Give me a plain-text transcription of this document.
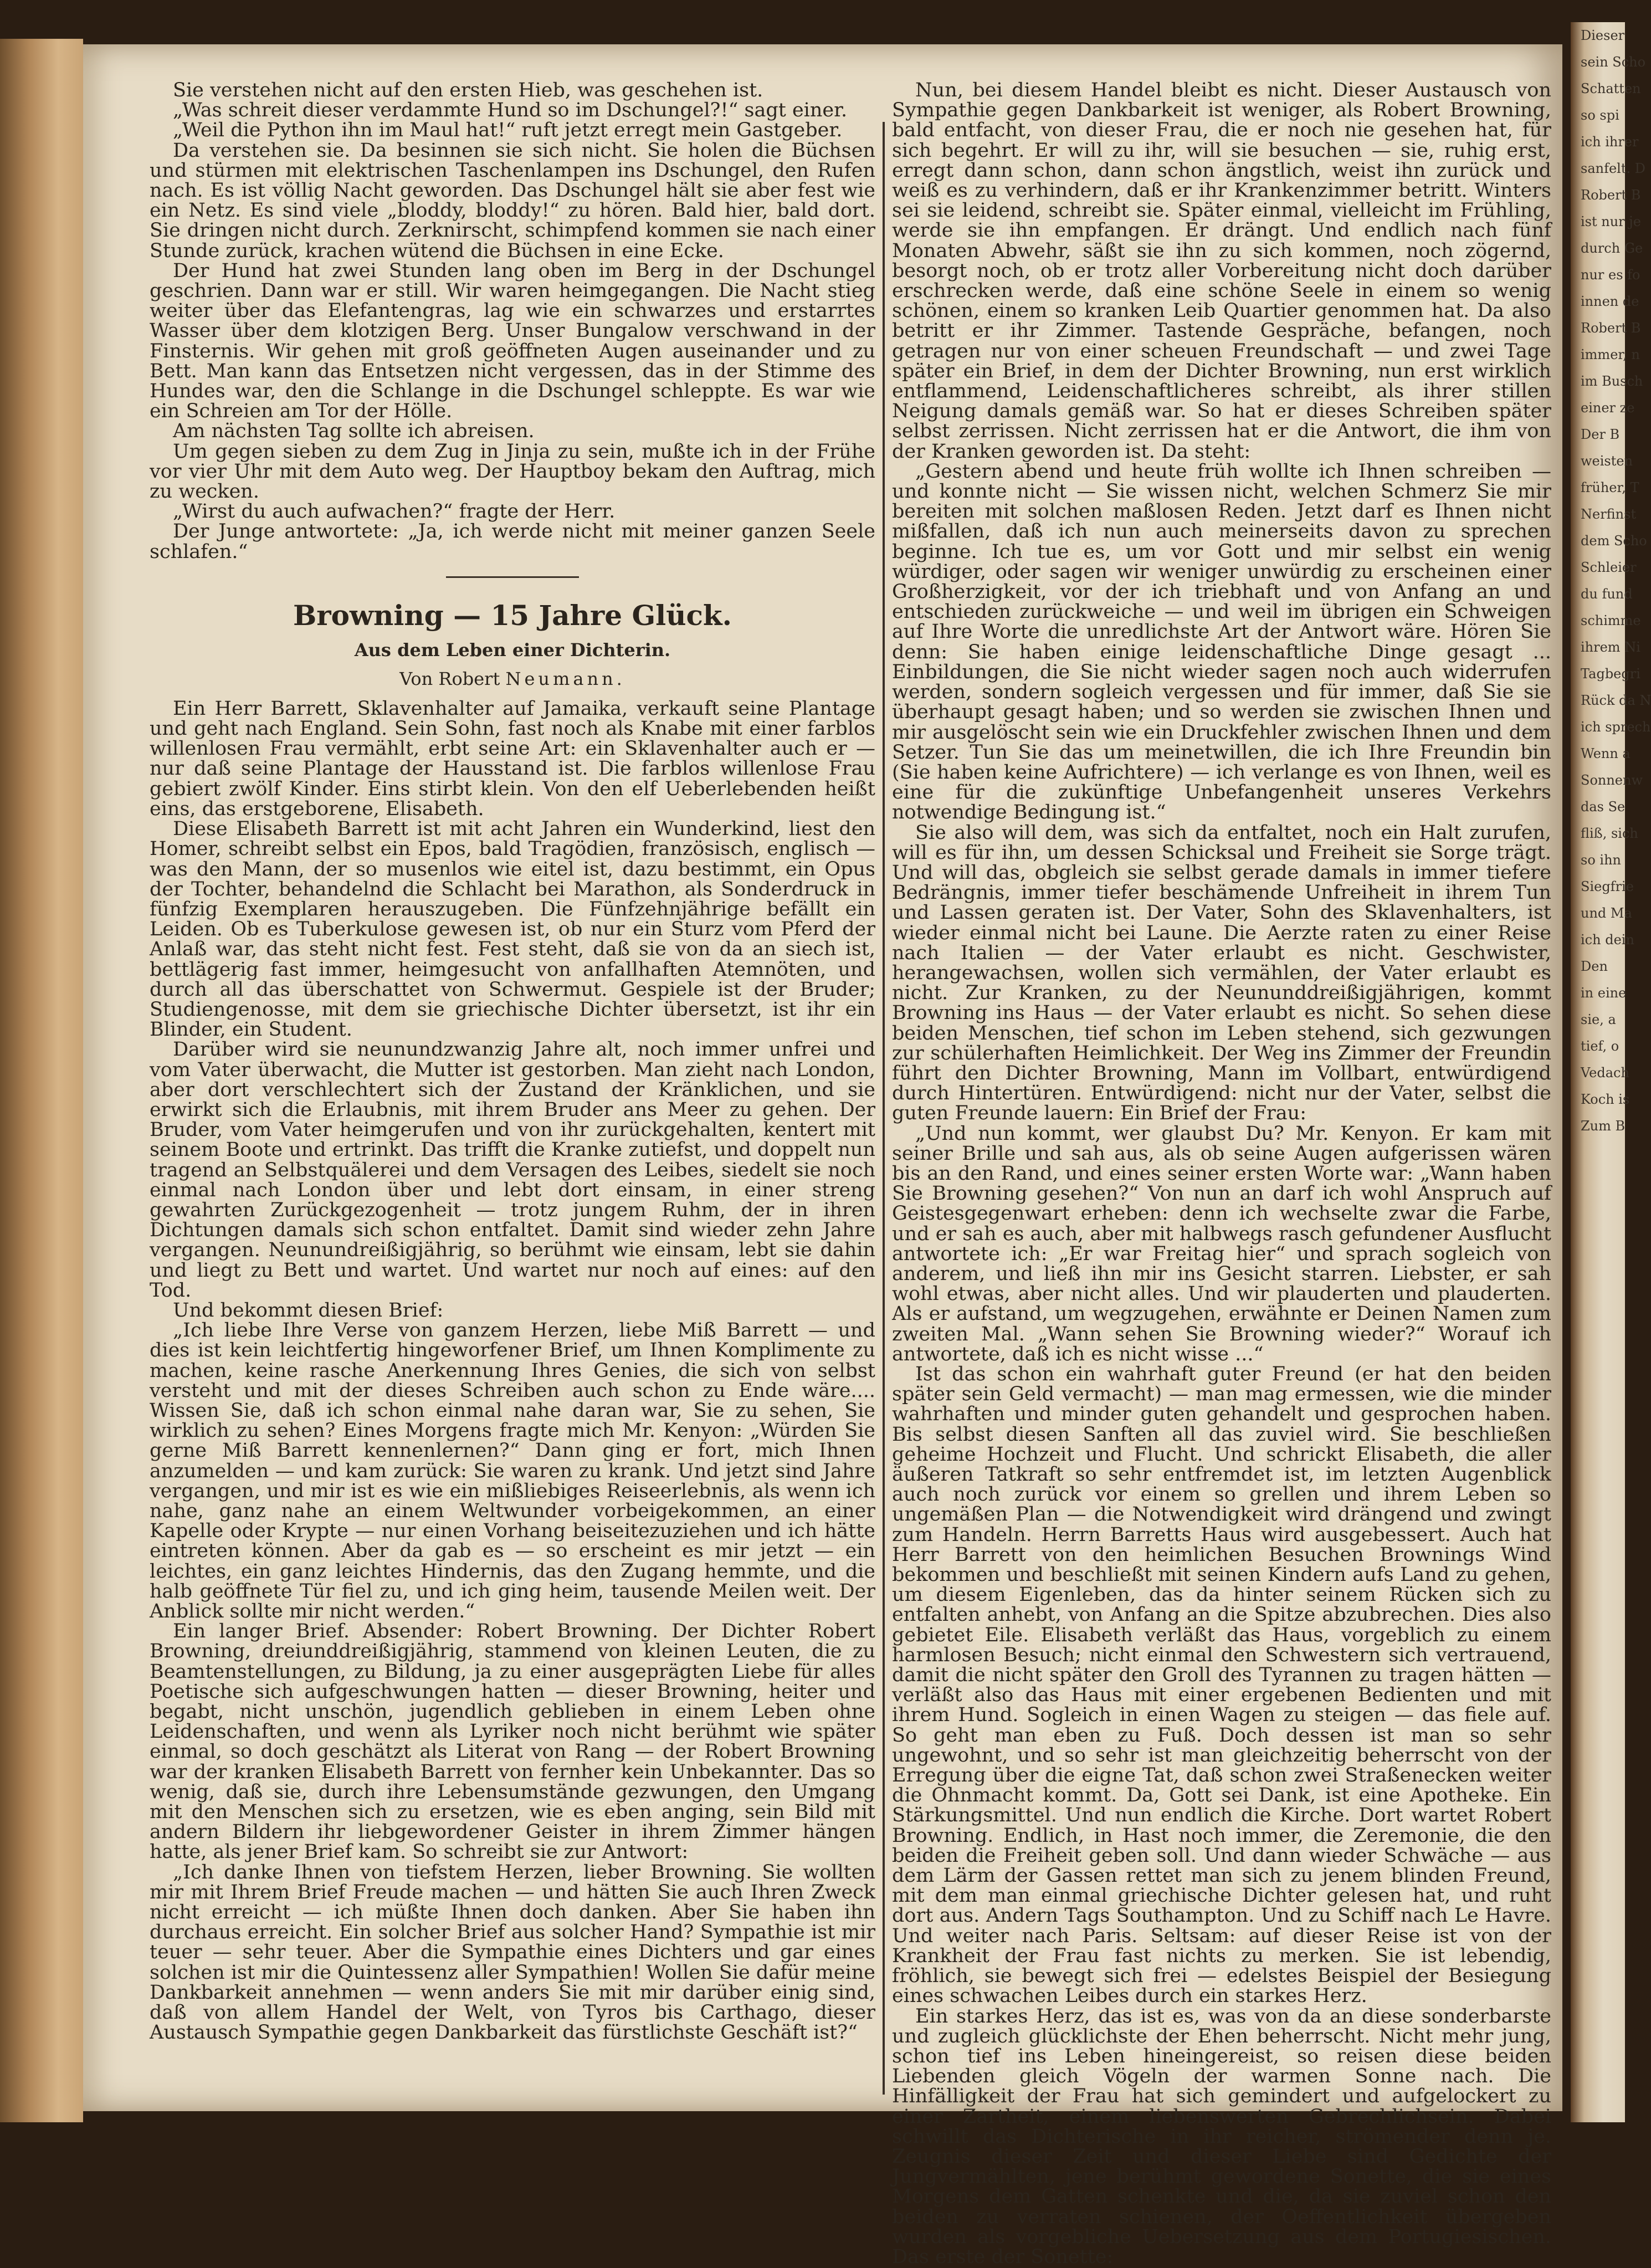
Dieser
sein Scho
Schatten
so spi
ich ihrer
sanfelt. D
Robert B
ist nur je
durch Ge
nur es fo
innen de
Robert B
immer, n
im Busch
einer ze
Der B
weisten
früher, T
Nerfinst
dem Scho
Schleier
du fund
schimme
ihrem Ni
Tagbegri
Rück da N
ich sprech
Wenn a
Sonnenw
das Se
fliß, sich
so ihn
Siegfrie
und Ma
ich dein
Den
in eine
sie, a
tief, o
Vedach
Koch is
Zum B

Sie verstehen nicht auf den ersten Hieb, was geschehen ist.

„Was schreit dieser verdammte Hund so im Dschungel?!“ sagt einer.

„Weil die Python ihn im Maul hat!“ ruft jetzt erregt mein Gastgeber.

Da verstehen sie. Da besinnen sie sich nicht. Sie holen die Büchsen und stürmen mit elektrischen Taschenlampen ins Dschungel, den Rufen nach. Es ist völlig Nacht geworden. Das Dschungel hält sie aber fest wie ein Netz. Es sind viele „bloddy, bloddy!“ zu hören. Bald hier, bald dort. Sie dringen nicht durch. Zerknirscht, schimpfend kommen sie nach einer Stunde zurück, krachen wütend die Büchsen in eine Ecke.

Der Hund hat zwei Stunden lang oben im Berg in der Dschungel geschrien. Dann war er still. Wir waren heimgegangen. Die Nacht stieg weiter über das Elefantengras, lag wie ein schwarzes und erstarrtes Wasser über dem klotzigen Berg. Unser Bungalow verschwand in der Finsternis. Wir gehen mit groß geöffneten Augen auseinander und zu Bett. Man kann das Entsetzen nicht vergessen, das in der Stimme des Hundes war, den die Schlange in die Dschungel schleppte. Es war wie ein Schreien am Tor der Hölle.

Am nächsten Tag sollte ich abreisen.

Um gegen sieben zu dem Zug in Jinja zu sein, mußte ich in der Frühe vor vier Uhr mit dem Auto weg. Der Hauptboy bekam den Auftrag, mich zu wecken.

„Wirst du auch aufwachen?“ fragte der Herr.

Der Junge antwortete: „Ja, ich werde nicht mit meiner ganzen Seele schlafen.“

Browning — 15 Jahre Glück.
Aus dem Leben einer Dichterin.
Von Robert Neumann.

Ein Herr Barrett, Sklavenhalter auf Jamaika, verkauft seine Plantage und geht nach England. Sein Sohn, fast noch als Knabe mit einer farblos willenlosen Frau vermählt, erbt seine Art: ein Sklavenhalter auch er — nur daß seine Plantage der Hausstand ist. Die farblos willenlose Frau gebiert zwölf Kinder. Eins stirbt klein. Von den elf Ueberlebenden heißt eins, das erstgeborene, Elisabeth.

Diese Elisabeth Barrett ist mit acht Jahren ein Wunderkind, liest den Homer, schreibt selbst ein Epos, bald Tragödien, französisch, englisch — was den Mann, der so musenlos wie eitel ist, dazu bestimmt, ein Opus der Tochter, behandelnd die Schlacht bei Marathon, als Sonderdruck in fünfzig Exemplaren herauszugeben. Die Fünfzehnjährige befällt ein Leiden. Ob es Tuberkulose gewesen ist, ob nur ein Sturz vom Pferd der Anlaß war, das steht nicht fest. Fest steht, daß sie von da an siech ist, bettlägerig fast immer, heimgesucht von anfallhaften Atemnöten, und durch all das überschattet von Schwermut. Gespiele ist der Bruder; Studiengenosse, mit dem sie griechische Dichter übersetzt, ist ihr ein Blinder, ein Student.

Darüber wird sie neunundzwanzig Jahre alt, noch immer unfrei und vom Vater überwacht, die Mutter ist gestorben. Man zieht nach London, aber dort verschlechtert sich der Zustand der Kränklichen, und sie erwirkt sich die Erlaubnis, mit ihrem Bruder ans Meer zu gehen. Der Bruder, vom Vater heimgerufen und von ihr zurückgehalten, kentert mit seinem Boote und ertrinkt. Das trifft die Kranke zutiefst, und doppelt nun tragend an Selbstquälerei und dem Versagen des Leibes, siedelt sie noch einmal nach London über und lebt dort einsam, in einer streng gewahrten Zurückgezogenheit — trotz jungem Ruhm, der in ihren Dichtungen damals sich schon entfaltet. Damit sind wieder zehn Jahre vergangen. Neunundreißigjährig, so berühmt wie einsam, lebt sie dahin und liegt zu Bett und wartet. Und wartet nur noch auf eines: auf den Tod.

Und bekommt diesen Brief:

„Ich liebe Ihre Verse von ganzem Herzen, liebe Miß Barrett — und dies ist kein leichtfertig hingeworfener Brief, um Ihnen Komplimente zu machen, keine rasche Anerkennung Ihres Genies, die sich von selbst versteht und mit der dieses Schreiben auch schon zu Ende wäre.... Wissen Sie, daß ich schon einmal nahe daran war, Sie zu sehen, Sie wirklich zu sehen? Eines Morgens fragte mich Mr. Kenyon: „Würden Sie gerne Miß Barrett kennenlernen?“ Dann ging er fort, mich Ihnen anzumelden — und kam zurück: Sie waren zu krank. Und jetzt sind Jahre vergangen, und mir ist es wie ein mißliebiges Reiseerlebnis, als wenn ich nahe, ganz nahe an einem Weltwunder vorbeigekommen, an einer Kapelle oder Krypte — nur einen Vorhang beiseitezuziehen und ich hätte eintreten können. Aber da gab es — so erscheint es mir jetzt — ein leichtes, ein ganz leichtes Hindernis, das den Zugang hemmte, und die halb geöffnete Tür fiel zu, und ich ging heim, tausende Meilen weit. Der Anblick sollte mir nicht werden.“

Ein langer Brief. Absender: Robert Browning. Der Dichter Robert Browning, dreiunddreißigjährig, stammend von kleinen Leuten, die zu Beamtenstellungen, zu Bildung, ja zu einer ausgeprägten Liebe für alles Poetische sich aufgeschwungen hatten — dieser Browning, heiter und begabt, nicht unschön, jugendlich geblieben in einem Leben ohne Leidenschaften, und wenn als Lyriker noch nicht berühmt wie später einmal, so doch geschätzt als Literat von Rang — der Robert Browning war der kranken Elisabeth Barrett von fernher kein Unbekannter. Das so wenig, daß sie, durch ihre Lebensumstände gezwungen, den Umgang mit den Menschen sich zu ersetzen, wie es eben anging, sein Bild mit andern Bildern ihr liebgewordener Geister in ihrem Zimmer hängen hatte, als jener Brief kam. So schreibt sie zur Antwort:

„Ich danke Ihnen von tiefstem Herzen, lieber Browning. Sie wollten mir mit Ihrem Brief Freude machen — und hätten Sie auch Ihren Zweck nicht erreicht — ich müßte Ihnen doch danken. Aber Sie haben ihn durchaus erreicht. Ein solcher Brief aus solcher Hand? Sympathie ist mir teuer — sehr teuer. Aber die Sympathie eines Dichters und gar eines solchen ist mir die Quintessenz aller Sympathien! Wollen Sie dafür meine Dankbarkeit annehmen — wenn anders Sie mit mir darüber einig sind, daß von allem Handel der Welt, von Tyros bis Carthago, dieser Austausch Sympathie gegen Dankbarkeit das fürstlichste Geschäft ist?“

Nun, bei diesem Handel bleibt es nicht. Dieser Austausch von Sympathie gegen Dankbarkeit ist weniger, als Robert Browning, bald entfacht, von dieser Frau, die er noch nie gesehen hat, für sich begehrt. Er will zu ihr, will sie besuchen — sie, ruhig erst, erregt dann schon, dann schon ängstlich, weist ihn zurück und weiß es zu verhindern, daß er ihr Krankenzimmer betritt. Winters sei sie leidend, schreibt sie. Später einmal, vielleicht im Frühling, werde sie ihn empfangen. Er drängt. Und endlich nach fünf Monaten Abwehr, säßt sie ihn zu sich kommen, noch zögernd, besorgt noch, ob er trotz aller Vorbereitung nicht doch darüber erschrecken werde, daß eine schöne Seele in einem so wenig schönen, einem so kranken Leib Quartier genommen hat. Da also betritt er ihr Zimmer. Tastende Gespräche, befangen, noch getragen nur von einer scheuen Freundschaft — und zwei Tage später ein Brief, in dem der Dichter Browning, nun erst wirklich entflammend, Leidenschaftlicheres schreibt, als ihrer stillen Neigung damals gemäß war. So hat er dieses Schreiben später selbst zerrissen. Nicht zerrissen hat er die Antwort, die ihm von der Kranken geworden ist. Da steht:

„Gestern abend und heute früh wollte ich Ihnen schreiben — und konnte nicht — Sie wissen nicht, welchen Schmerz Sie mir bereiten mit solchen maßlosen Reden. Jetzt darf es Ihnen nicht mißfallen, daß ich nun auch meinerseits davon zu sprechen beginne. Ich tue es, um vor Gott und mir selbst ein wenig würdiger, oder sagen wir weniger unwürdig zu erscheinen einer Großherzigkeit, vor der ich triebhaft und von Anfang an und entschieden zurückweiche — und weil im übrigen ein Schweigen auf Ihre Worte die unredlichste Art der Antwort wäre. Hören Sie denn: Sie haben einige leidenschaftliche Dinge gesagt ... Einbildungen, die Sie nicht wieder sagen noch auch widerrufen werden, sondern sogleich vergessen und für immer, daß Sie sie überhaupt gesagt haben; und so werden sie zwischen Ihnen und mir ausgelöscht sein wie ein Druckfehler zwischen Ihnen und dem Setzer. Tun Sie das um meinetwillen, die ich Ihre Freundin bin (Sie haben keine Aufrichtere) — ich verlange es von Ihnen, weil es eine für die zukünftige Unbefangenheit unseres Verkehrs notwendige Bedingung ist.“

Sie also will dem, was sich da entfaltet, noch ein Halt zurufen, will es für ihn, um dessen Schicksal und Freiheit sie Sorge trägt. Und will das, obgleich sie selbst gerade damals in immer tiefere Bedrängnis, immer tiefer beschämende Unfreiheit in ihrem Tun und Lassen geraten ist. Der Vater, Sohn des Sklavenhalters, ist wieder einmal nicht bei Laune. Die Aerzte raten zu einer Reise nach Italien — der Vater erlaubt es nicht. Geschwister, herangewachsen, wollen sich vermählen, der Vater erlaubt es nicht. Zur Kranken, zu der Neununddreißigjährigen, kommt Browning ins Haus — der Vater erlaubt es nicht. So sehen diese beiden Menschen, tief schon im Leben stehend, sich gezwungen zur schülerhaften Heimlichkeit. Der Weg ins Zimmer der Freundin führt den Dichter Browning, Mann im Vollbart, entwürdigend durch Hintertüren. Entwürdigend: nicht nur der Vater, selbst die guten Freunde lauern: Ein Brief der Frau:

„Und nun kommt, wer glaubst Du? Mr. Kenyon. Er kam mit seiner Brille und sah aus, als ob seine Augen aufgerissen wären bis an den Rand, und eines seiner ersten Worte war: „Wann haben Sie Browning gesehen?“ Von nun an darf ich wohl Anspruch auf Geistesgegenwart erheben: denn ich wechselte zwar die Farbe, und er sah es auch, aber mit halbwegs rasch gefundener Ausflucht antwortete ich: „Er war Freitag hier“ und sprach sogleich von anderem, und ließ ihn mir ins Gesicht starren. Liebster, er sah wohl etwas, aber nicht alles. Und wir plauderten und plauderten. Als er aufstand, um wegzugehen, erwähnte er Deinen Namen zum zweiten Mal. „Wann sehen Sie Browning wieder?“ Worauf ich antwortete, daß ich es nicht wisse ...“

Ist das schon ein wahrhaft guter Freund (er hat den beiden später sein Geld vermacht) — man mag ermessen, wie die minder wahrhaften und minder guten gehandelt und gesprochen haben. Bis selbst diesen Sanften all das zuviel wird. Sie beschließen geheime Hochzeit und Flucht. Und schrickt Elisabeth, die aller äußeren Tatkraft so sehr entfremdet ist, im letzten Augenblick auch noch zurück vor einem so grellen und ihrem Leben so ungemäßen Plan — die Notwendigkeit wird drängend und zwingt zum Handeln. Herrn Barretts Haus wird ausgebessert. Auch hat Herr Barrett von den heimlichen Besuchen Brownings Wind bekommen und beschließt mit seinen Kindern aufs Land zu gehen, um diesem Eigenleben, das da hinter seinem Rücken sich zu entfalten anhebt, von Anfang an die Spitze abzubrechen. Dies also gebietet Eile. Elisabeth verläßt das Haus, vorgeblich zu einem harmlosen Besuch; nicht einmal den Schwestern sich vertrauend, damit die nicht später den Groll des Tyrannen zu tragen hätten — verläßt also das Haus mit einer ergebenen Bedienten und mit ihrem Hund. Sogleich in einen Wagen zu steigen — das fiele auf. So geht man eben zu Fuß. Doch dessen ist man so sehr ungewohnt, und so sehr ist man gleichzeitig beherrscht von der Erregung über die eigne Tat, daß schon zwei Straßenecken weiter die Ohnmacht kommt. Da, Gott sei Dank, ist eine Apotheke. Ein Stärkungsmittel. Und nun endlich die Kirche. Dort wartet Robert Browning. Endlich, in Hast noch immer, die Zeremonie, die den beiden die Freiheit geben soll. Und dann wieder Schwäche — aus dem Lärm der Gassen rettet man sich zu jenem blinden Freund, mit dem man einmal griechische Dichter gelesen hat, und ruht dort aus. Andern Tags Southampton. Und zu Schiff nach Le Havre. Und weiter nach Paris. Seltsam: auf dieser Reise ist von der Krankheit der Frau fast nichts zu merken. Sie ist lebendig, fröhlich, sie bewegt sich frei — edelstes Beispiel der Besiegung eines schwachen Leibes durch ein starkes Herz.

Ein starkes Herz, das ist es, was von da an diese sonderbarste und zugleich glücklichste der Ehen beherrscht. Nicht mehr jung, schon tief ins Leben hineingereist, so reisen diese beiden Liebenden gleich Vögeln der warmen Sonne nach. Die Hinfälligkeit der Frau hat sich gemindert und aufgelockert zu einer Zartheit, einem liebenswerten Gebrechlichsein. Dabei schwillt das Dichterische in ihr reicher, strömender denn je. Zeugnis dieser Zeit und dieser Liebe sind Gedichte der Jungvermählten, jene berühmt gewordene Sonette, die sie eines Morgens dem Gatten schenkte und die, da sie zuviel schon den beiden zu verraten schienen, der Oeffentlichkeit übergeben wurden als vorgebliche Uebersetzung aus dem Portugiesischen. Das erste der Sonette:
